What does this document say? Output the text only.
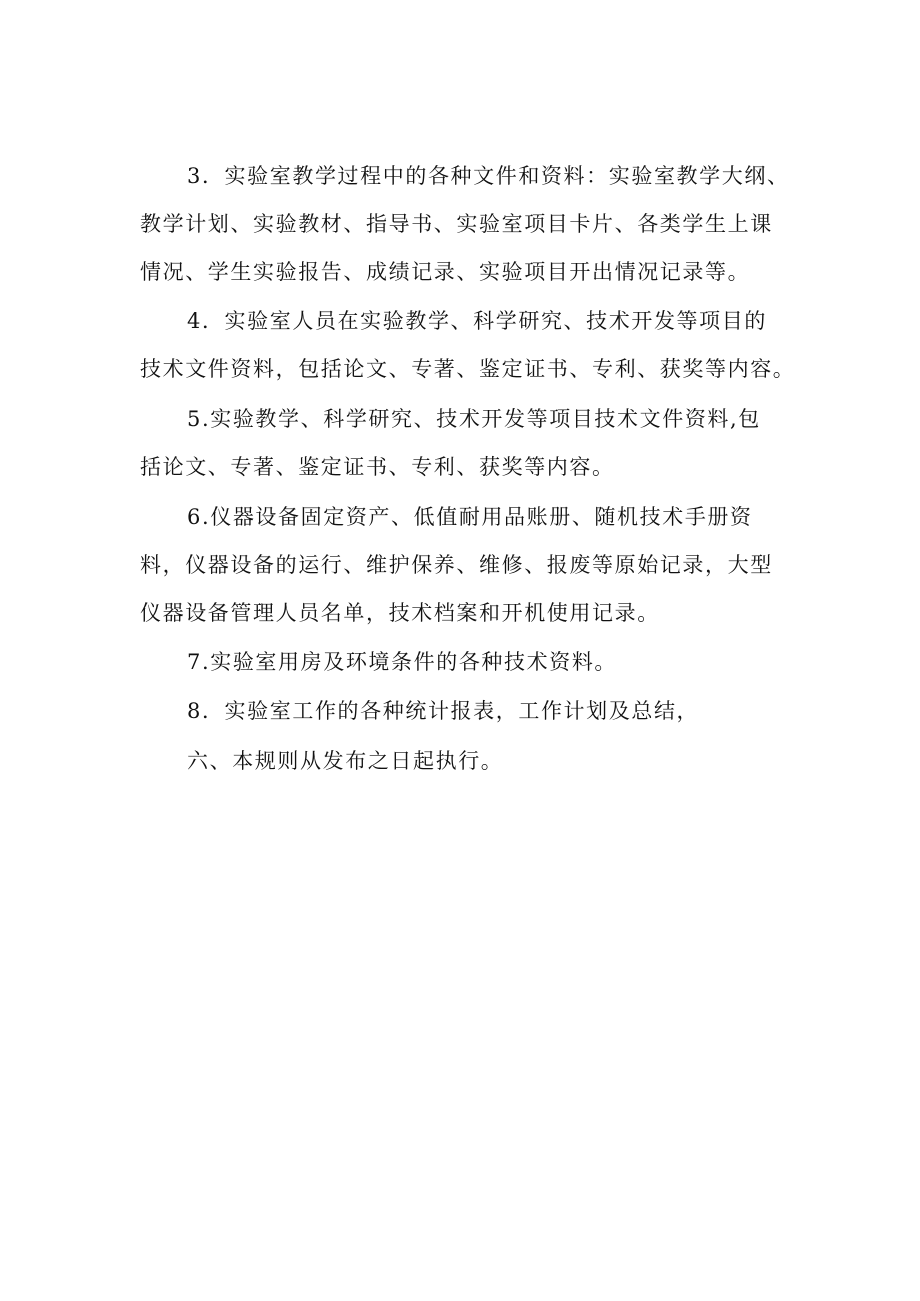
3．实验室教学过程中的各种文件和资料：实验室教学大纲、
教学计划、实验教材、指导书、实验室项目卡片、各类学生上课
情况、学生实验报告、成绩记录、实验项目开出情况记录等。
4．实验室人员在实验教学、科学研究、技术开发等项目的
技术文件资料，包括论文、专著、鉴定证书、专利、获奖等内容。
5.实验教学、科学研究、技术开发等项目技术文件资料,包
括论文、专著、鉴定证书、专利、获奖等内容。
6.仪器设备固定资产、低值耐用品账册、随机技术手册资
料，仪器设备的运行、维护保养、维修、报废等原始记录，大型
仪器设备管理人员名单，技术档案和开机使用记录。
7.实验室用房及环境条件的各种技术资料。
8．实验室工作的各种统计报表，工作计划及总结，
六、本规则从发布之日起执行。
